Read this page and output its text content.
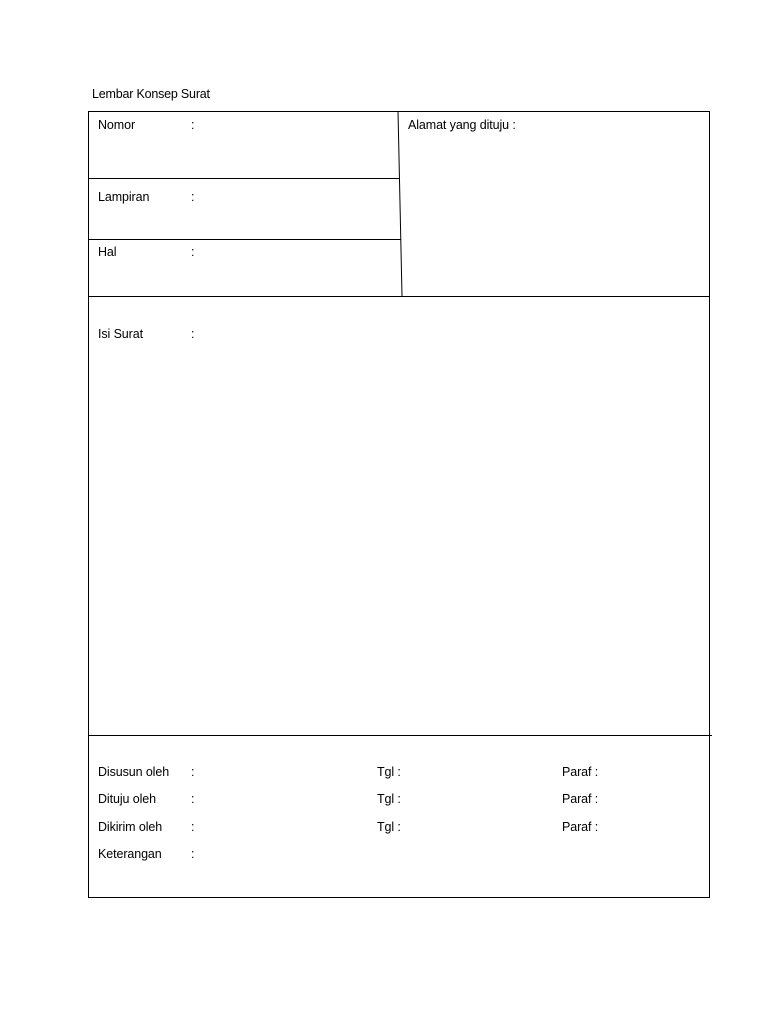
Lembar Konsep Surat
Nomor	:
Lampiran	:
Hal	:
Alamat yang dituju :
Isi Surat	:
Disusun oleh :	Tgl :	Paraf :
Dituju oleh	:	Tgl :	Paraf :
Dikirim oleh :	Tgl :	Paraf :
Keterangan :
